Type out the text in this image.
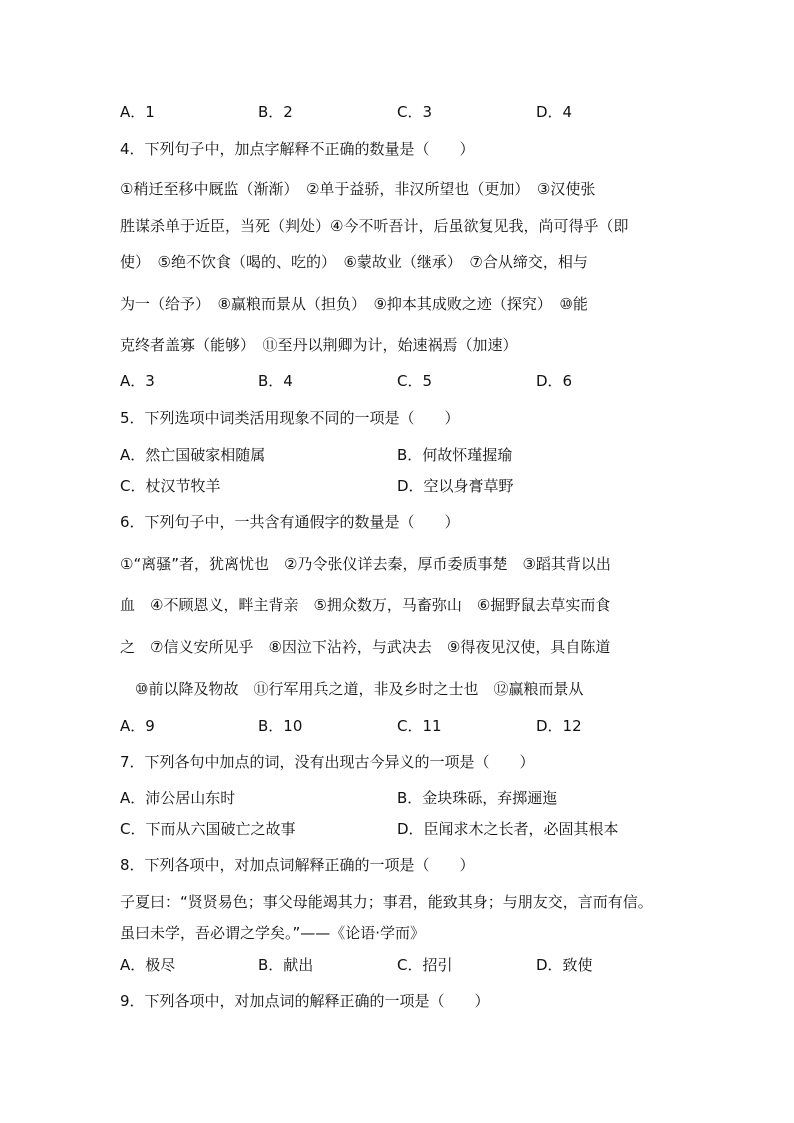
A．1	B．2	C．3	D．4
4．下列句子中，加点字解释不正确的数量是（　　）
①稍迁至移中厩监（渐渐）　②单于益骄，非汉所望也（更加）　③汉使张
胜谋杀单于近臣，当死（判处）④今不听吾计，后虽欲复见我，尚可得乎（即
使）　⑤绝不饮食（喝的、吃的）　⑥蒙故业（继承）　⑦合从缔交，相与
为一（给予）　⑧赢粮而景从（担负）　⑨抑本其成败之迹（探究）　⑩能
克终者盖寡（能够）　⑪至丹以荆卿为计，始速祸焉（加速）
A．3	B．4	C．5	D．6
5．下列选项中词类活用现象不同的一项是（　　）
A．然亡国破家相随属	B．何故怀瑾握瑜
C．杖汉节牧羊	D．空以身膏草野
6．下列句子中，一共含有通假字的数量是（　　）
①“离骚”者，犹离忧也　②乃令张仪详去秦，厚币委质事楚　③蹈其背以出
血　④不顾恩义，畔主背亲　⑤拥众数万，马畜弥山　⑥掘野鼠去草实而食
之　⑦信义安所见乎　⑧因泣下沾衿，与武决去　⑨得夜见汉使，具自陈道
　⑩前以降及物故　⑪行军用兵之道，非及乡时之士也　⑫赢粮而景从
A．9	B．10	C．11	D．12
7．下列各句中加点的词，没有出现古今异义的一项是（　　）
A．沛公居山东时	B．金块珠砾，弃掷逦迤
C．下而从六国破亡之故事	D．臣闻求木之长者，必固其根本
8．下列各项中，对加点词解释正确的一项是（　　）
子夏曰：“贤贤易色；事父母能竭其力；事君，能致其身；与朋友交，言而有信。
虽曰未学，吾必谓之学矣。”——《论语·学而》
A．极尽	B．献出	C．招引	D．致使
9．下列各项中，对加点词的解释正确的一项是（　　）
